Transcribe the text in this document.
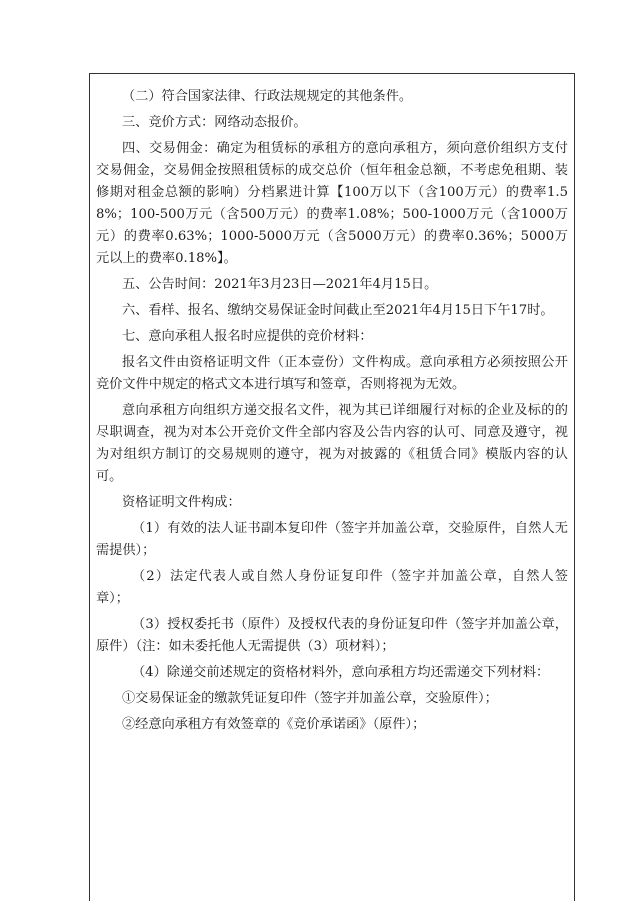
（二）符合国家法律、行政法规规定的其他条件。

三、竞价方式：网络动态报价。

四、交易佣金：确定为租赁标的承租方的意向承租方，须向意价组织方支付交易佣金，交易佣金按照租赁标的成交总价（恒年租金总额，不考虑免租期、装修期对租金总额的影响）分档累进计算【100万以下（含100万元）的费率1.58%；100-500万元（含500万元）的费率1.08%；500-1000万元（含1000万元）的费率0.63%；1000-5000万元（含5000万元）的费率0.36%；5000万元以上的费率0.18%】。

五、公告时间：2021年3月23日—2021年4月15日。

六、看样、报名、缴纳交易保证金时间截止至2021年4月15日下午17时。

七、意向承租人报名时应提供的竞价材料：

报名文件由资格证明文件（正本壹份）文件构成。意向承租方必须按照公开竞价文件中规定的格式文本进行填写和签章，否则将视为无效。

意向承租方向组织方递交报名文件，视为其已详细履行对标的企业及标的的尽职调查，视为对本公开竞价文件全部内容及公告内容的认可、同意及遵守，视为对组织方制订的交易规则的遵守，视为对披露的《租赁合同》模版内容的认可。

资格证明文件构成：

（1）有效的法人证书副本复印件（签字并加盖公章，交验原件，自然人无需提供）；

（2）法定代表人或自然人身份证复印件（签字并加盖公章，自然人签章）；

（3）授权委托书（原件）及授权代表的身份证复印件（签字并加盖公章，原件）（注：如未委托他人无需提供（3）项材料）；

（4）除递交前述规定的资格材料外，意向承租方均还需递交下列材料：

①交易保证金的缴款凭证复印件（签字并加盖公章，交验原件）；

②经意向承租方有效签章的《竞价承诺函》（原件）；
